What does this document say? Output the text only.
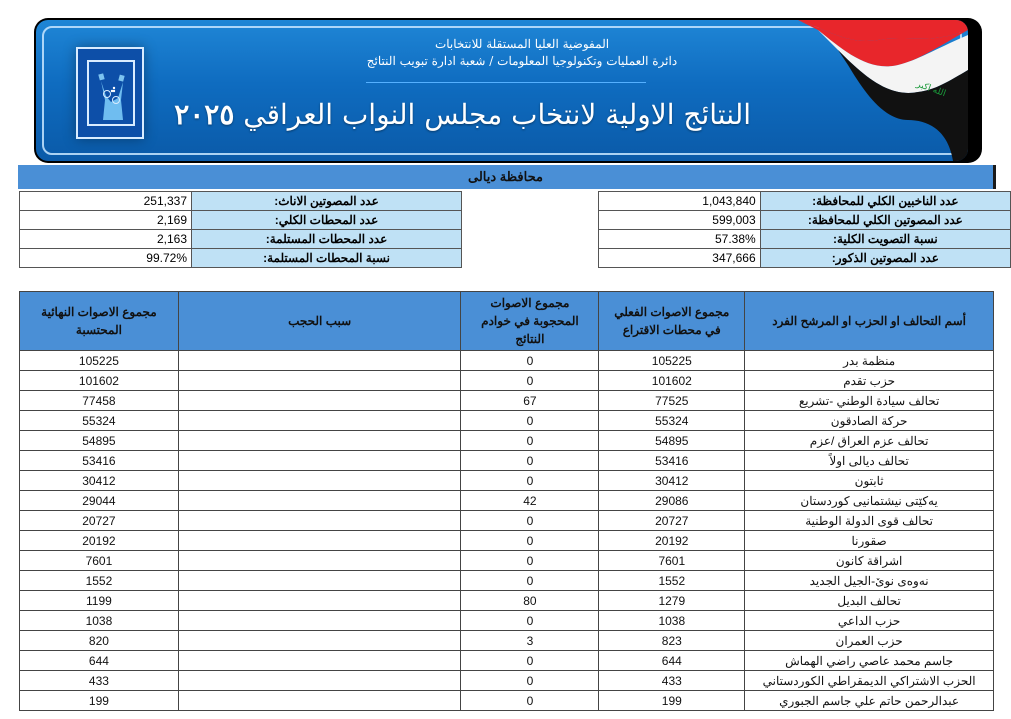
المفوضية العليا المستقلة للانتخابات
دائرة العمليات وتكنولوجيا المعلومات / شعبة ادارة تبويب النتائج
النتائج الاولية لانتخاب مجلس النواب العراقي ٢٠٢٥
الله اكبر
محافظة ديالى
251,337	عدد المصوتين الاناث:
2,169	عدد المحطات الكلي:
2,163	عدد المحطات المستلمة:
99.72%	نسبة المحطات المستلمة:
1,043,840	عدد الناخبين الكلي للمحافظة:
599,003	عدد المصوتين الكلي للمحافظة:
57.38%	نسبة التصويت الكلية:
347,666	عدد المصوتين الذكور:
مجموع الاصوات النهائية المحتسبة	سبب الحجب	مجموع الاصوات المحجوبة في خوادم النتائج	مجموع الاصوات الفعلي في محطات الاقتراع	أسم التحالف او الحزب او المرشح الفرد
105225		0	105225	منظمة بدر
101602		0	101602	حزب تقدم
77458		67	77525	تحالف سيادة الوطني -تشريع
55324		0	55324	حركة الصادقون
54895		0	54895	تحالف عزم العراق /عزم
53416		0	53416	تحالف ديالى اولاً
30412		0	30412	ثابتون
29044		42	29086	یەکێتی نیشتمانیی کوردستان
20727		0	20727	تحالف قوى الدولة الوطنية
20192		0	20192	صقورنا
7601		0	7601	اشراقة كانون
1552		0	1552	نەوەی نوێ-الجيل الجديد
1199		80	1279	تحالف البديل
1038		0	1038	حزب الداعي
820		3	823	حزب العمران
644		0	644	جاسم محمد عاصي راضي الهماش
433		0	433	الحزب الاشتراكي الديمقراطي الكوردستاني
199		0	199	عبدالرحمن حاتم علي جاسم الجبوري
